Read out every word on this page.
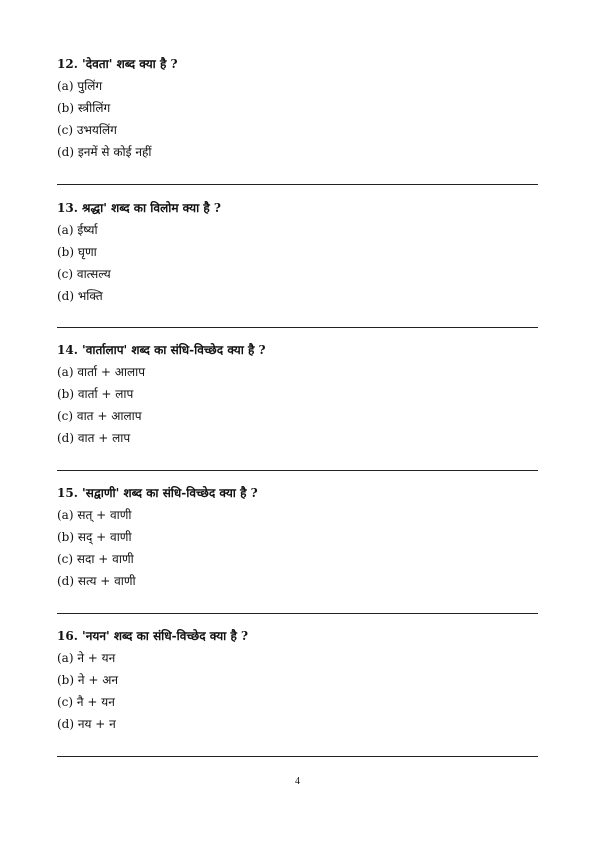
12. 'देवता' शब्द क्या है ?
(a) पुलिंग
(b) स्त्रीलिंग
(c) उभयलिंग
(d) इनमें से कोई नहीं
13. श्रद्धा' शब्द का विलोम क्या है ?
(a) ईर्ष्या
(b) घृणा
(c) वात्सल्य
(d) भक्ति
14. 'वार्तालाप' शब्द का संधि-विच्छेद क्या है ?
(a) वार्ता + आलाप
(b) वार्ता + लाप
(c) वात + आलाप
(d) वात + लाप
15. 'सद्वाणी' शब्द का संधि-विच्छेद क्या है ?
(a) सत् + वाणी
(b) सद् + वाणी
(c) सदा + वाणी
(d) सत्य + वाणी
16. 'नयन' शब्द का संधि-विच्छेद क्या है ?
(a) ने + यन
(b) ने + अन
(c) नै + यन
(d) नय + न
4
